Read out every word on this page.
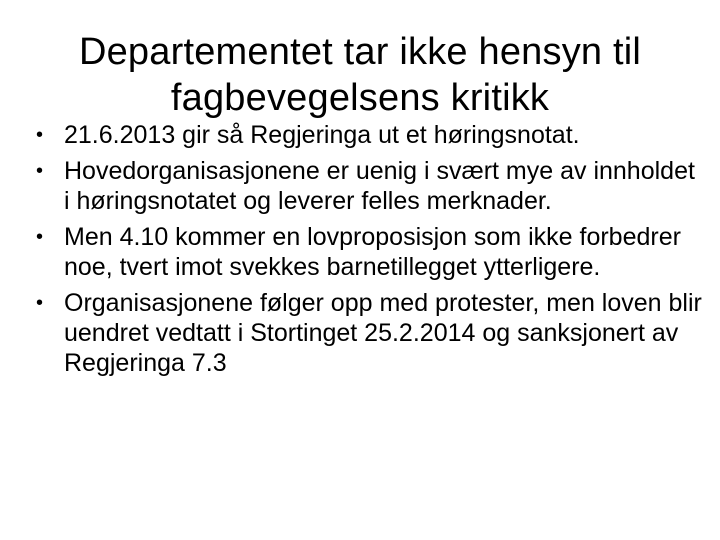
Departementet tar ikke hensyn til
fagbevegelsens kritikk
• 21.6.2013 gir så Regjeringa ut et høringsnotat.
• Hovedorganisasjonene er uenig i svært mye av innholdet i høringsnotatet og leverer felles merknader.
• Men 4.10 kommer en lovproposisjon som ikke forbedrer noe, tvert imot svekkes barnetillegget ytterligere.
• Organisasjonene følger opp med protester, men loven blir uendret vedtatt i Stortinget 25.2.2014 og sanksjonert av Regjeringa 7.3
